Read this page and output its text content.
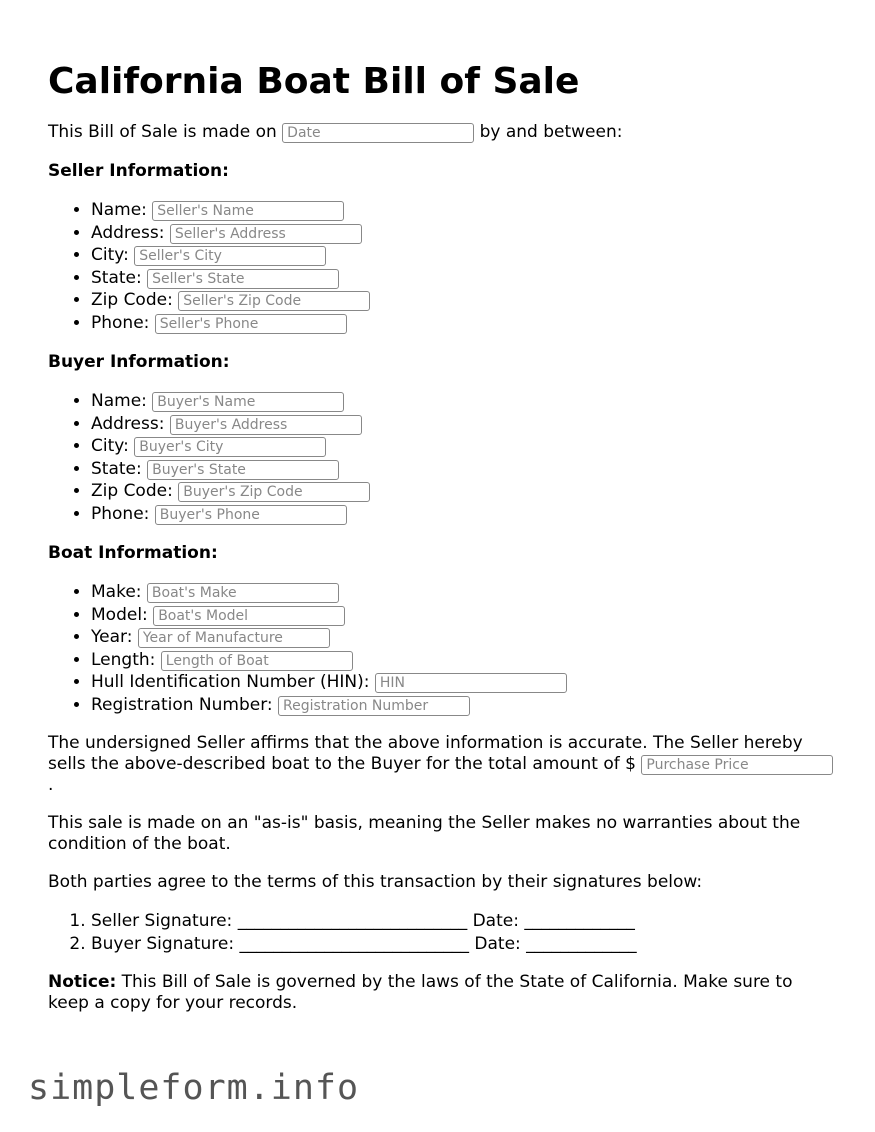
California Boat Bill of Sale

This Bill of Sale is made on Date	by and between:

Seller Information:
• Name: Seller's Name
• Address: Seller's Address
• City: Seller's City
• State: Seller's State
• Zip Code: Seller's Zip Code
• Phone: Seller's Phone
Buyer Information:
• Name: Buyer's Name
• Address: Buyer's Address
• City: Buyer's City
• State: Buyer's State
• Zip Code: Buyer's Zip Code
• Phone: Buyer's Phone
Boat Information:
• Make: Boat's Make
• Model: Boat's Model
• Year: Year of Manufacture
• Length: Length of Boat
• Hull Identification Number (HIN): HIN
• Registration Number: Registration Number

The undersigned Seller affirms that the above information is accurate. The Seller hereby sells the above-described boat to the Buyer for the total amount of $ Purchase Price.

This sale is made on an "as-is" basis, meaning the Seller makes no warranties about the condition of the boat.

Both parties agree to the terms of this transaction by their signatures below:

1. Seller Signature: ___________________________ Date: _____________
2. Buyer Signature: ___________________________ Date: _____________

Notice: This Bill of Sale is governed by the laws of the State of California. Make sure to keep a copy for your records.

simpleform.info
